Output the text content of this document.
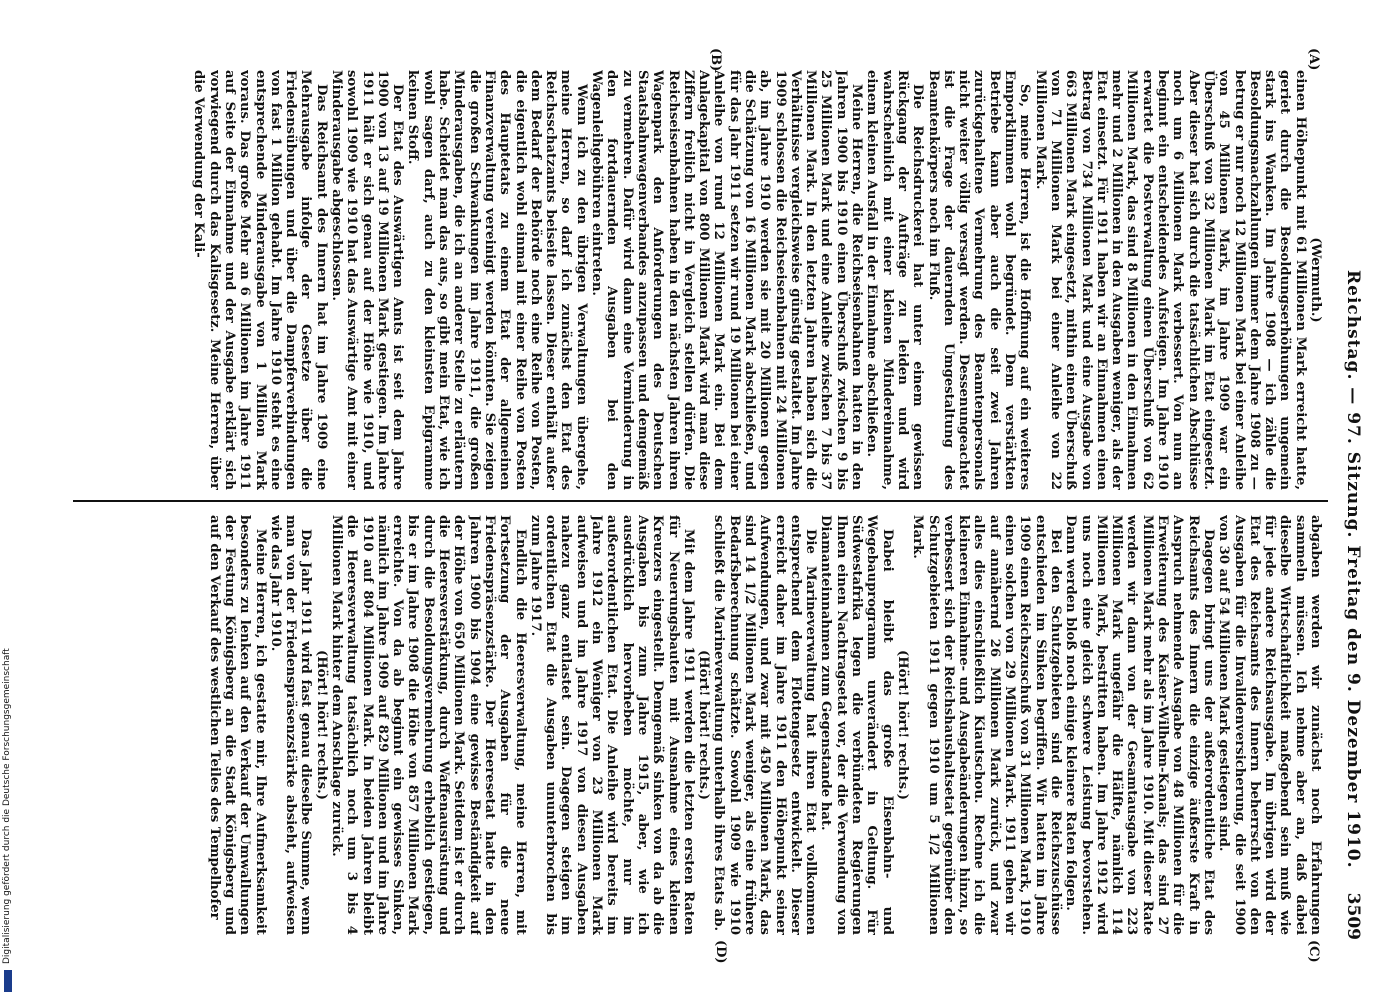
Reichstag. — 97. Sitzung. Freitag den 9. Dezember 1910.
3509
(A)
(B)
(C)
(D)

(Wermuth.)

einen Höhepunkt mit 61 Millionen Mark erreicht hatte, geriet durch die Besoldungserhöhungen ungemein stark ins Wanken. Im Jahre 1908 — ich zähle die Besoldungsnachzahlungen immer dem Jahre 1908 zu — betrug er nur noch 12 Millionen Mark bei einer Anleihe von 45 Millionen Mark, im Jahre 1909 war ein Überschuß von 32 Millionen Mark im Etat eingesetzt. Aber dieser hat sich durch die tatsächlichen Abschlüsse noch um 6 Millionen Mark verbessert. Von nun an beginnt ein entscheidendes Aufsteigen. Im Jahre 1910 erwartet die Postverwaltung einen Überschuß von 62 Millionen Mark, das sind 8 Millionen in den Einnahmen mehr und 2 Millionen in den Ausgaben weniger, als der Etat einsetzt. Für 1911 haben wir an Einnahmen einen Betrag von 734 Millionen Mark und eine Ausgabe von 663 Millionen Mark eingesetzt, mithin einen Überschuß von 71 Millionen Mark bei einer Anleihe von 22 Millionen Mark.

So, meine Herren, ist die Hoffnung auf ein weiteres Emporklimmen wohl begründet. Dem verstärkten Betriebe kann aber auch die seit zwei Jahren zurückgehaltene Vermehrung des Beamtenpersonals nicht weiter völlig versagt werden. Dessenungeachtet ist die Frage der dauernden Umgestaltung des Beamtenkörpers noch im Fluß.

Die Reichsdruckerei hat unter einem gewissen Rückgang der Aufträge zu leiden und wird wahrscheinlich mit einer kleinen Mindereinnahme, einem kleinen Ausfall in der Einnahme abschließen.

Meine Herren, die Reichseisenbahnen hatten in den Jahren 1900 bis 1910 einen Überschuß zwischen 9 bis 25 Millionen Mark und eine Anleihe zwischen 7 bis 37 Millionen Mark. In den letzten Jahren haben sich die Verhältnisse vergleichsweise günstig gestaltet. Im Jahre 1909 schlossen die Reichseisenbahnen mit 24 Millionen ab, im Jahre 1910 werden sie mit 20 Millionen gegen die Schätzung von 16 Millionen Mark abschließen, und für das Jahr 1911 setzen wir rund 19 Millionen bei einer Anleihe von rund 12 Millionen Mark ein. Bei dem Anlagekapital von 800 Millionen Mark wird man diese Ziffern freilich nicht in Vergleich stellen dürfen. Die Reichseisenbahnen haben in den nächsten Jahren ihren Wagenpark den Anforderungen des Deutschen Staatsbahnwagenverbandes anzupassen und demgemäß zu vermehren. Dafür wird dann eine Verminderung in den fortdauernden Ausgaben bei den Wagenleihgebühren eintreten.

Wenn ich zu den übrigen Verwaltungen übergehe, meine Herren, so darf ich zunächst den Etat des Reichsschatzamts beiseite lassen. Dieser enthält außer dem Bedarf der Behörde noch eine Reihe von Posten, die eigentlich wohl einmal mit einer Reihe von Posten des Hauptetats zu einem Etat der allgemeinen Finanzverwaltung vereinigt werden könnten. Sie zeigen die großen Schwankungen im Jahre 1911, die großen Minderausgaben, die ich an anderer Stelle zu erläutern habe. Scheidet man das aus, so gibt mein Etat, wie ich wohl sagen darf, auch zu den kleinsten Epigramme keinen Stoff.

Der Etat des Auswärtigen Amts ist seit dem Jahre 1900 von 13 auf 19 Millionen Mark gestiegen. Im Jahre 1911 hält er sich genau auf der Höhe wie 1910, und sowohl 1909 wie 1910 hat das Auswärtige Amt mit einer Minderausgabe abgeschlossen.

Das Reichsamt des Innern hat im Jahre 1909 eine Mehrausgabe infolge der Gesetze über die Friedensübungen und über die Dampferverbindungen von fast 1 Million gehabt. Im Jahre 1910 steht es eine entsprechende Minderausgabe von 1 Million Mark voraus. Das große Mehr an 6 Millionen im Jahre 1911 auf Seite der Einnahme und der Ausgabe erklärt sich vorwiegend durch das Kalisgesetz. Meine Herren, über die Verwendung der Kali-

abgaben werden wir zunächst noch Erfahrungen sammeln müssen. Ich nehme aber an, daß dabei dieselbe Wirtschaftlichkeit maßgebend sein muß wie für jede andere Reichsausgabe. Im übrigen wird der Etat des Reichsamts des Innern beherrscht von den Ausgaben für die Invalidenversicherung, die seit 1900 von 30 auf 54 Millionen Mark gestiegen sind.

Dagegen bringt uns der außerordentliche Etat des Reichsamts des Innern die einzige äußerste Kraft in Anspruch nehmende Ausgabe von 48 Millionen für die Erweiterung des Kaiser-Wilhelm-Kanals; das sind 27 Millionen Mark mehr als im Jahre 1910. Mit dieser Rate werden wir dann von der Gesamtausgabe von 223 Millionen Mark ungefähr die Hälfte, nämlich 114 Millionen Mark, bestritten haben. Im Jahre 1912 wird uns noch eine gleich schwere Leistung bevorstehen. Dann werden bloß noch einige kleinere Raten folgen.

Bei den Schutzgebieten sind die Reichszuschüsse entschieden im Sinken begriffen. Wir hatten im Jahre 1909 einen Reichszuschuß von 31 Millionen Mark, 1910 einen solchen von 29 Millionen Mark. 1911 gehen wir auf annähernd 26 Millionen Mark zurück, und zwar alles dies einschließlich Kiautschou. Rechne ich die kleineren Einnahme- und Ausgabeänderungen hinzu, so verbessert sich der Reichshaushaltsetat gegenüber den Schutzgebieten 1911 gegen 1910 um 5 1/2 Millionen Mark.

(Hört! hört! rechts.)

Dabei bleibt das große Eisenbahn- und Wegebauprogramm unverändert in Geltung. Für Südwestafrika legen die verbündeten Regierungen Ihnen einen Nachtragsetat vor, der die Verwendung von Diamanteinnahmen zum Gegenstande hat.

Die Marineverwaltung hat ihren Etat vollkommen entsprechend dem Flottengesetz entwickelt. Dieser erreicht daher im Jahre 1911 den Höhepunkt seiner Aufwendungen, und zwar mit 450 Millionen Mark, das sind 14 1/2 Millionen Mark weniger, als eine frühere Bedarfsberechnung schätzte. Sowohl 1909 wie 1910 schließt die Marineverwaltung unterhalb ihres Etats ab.

(Hört! hört! rechts.)

Mit dem Jahre 1911 werden die letzten ersten Raten für Neuerungsbauten mit Ausnahme eines kleinen Kreuzers eingestellt. Demgemäß sinken von da ab die Ausgaben bis zum Jahre 1915, aber, wie ich ausdrücklich hervorheben möchte, nur im außerordentlichen Etat. Die Anleihe wird bereits im Jahre 1912 ein Weniger von 23 Millionen Mark aufweisen und im Jahre 1917 von diesen Ausgaben nahezu ganz entlastet sein. Dagegen steigen im ordentlichen Etat die Ausgaben ununterbrochen bis zum Jahre 1917.

Endlich die Heeresverwaltung, meine Herren, mit Fortsetzung der Ausgaben für die neue Friedenspräsenzstärke. Der Heeresetat hatte in den Jahren 1900 bis 1904 eine gewisse Beständigkeit auf der Höhe von 650 Millionen Mark. Seitdem ist er durch die Heeresverstärkung, durch Waffenausrüstung und durch die Besoldungsvermehrung erheblich gestiegen, bis er im Jahre 1908 die Höhe von 857 Millionen Mark erreichte. Von da ab beginnt ein gewisses Sinken, nämlich im Jahre 1909 auf 829 Millionen und im Jahre 1910 auf 804 Millionen Mark. In beiden Jahren bleibt die Heeresverwaltung tatsächlich noch um 3 bis 4 Millionen Mark hinter dem Anschlage zurück.

(Hört! hört! rechts.)

Das Jahr 1911 wird fast genau dieselbe Summe, wenn man von der Friedenspräsenzstärke absieht, aufweisen wie das Jahr 1910.

Meine Herren, ich gestatte mir, Ihre Aufmerksamkeit besonders zu lenken auf den Verkauf der Umwallungen der Festung Königsberg an die Stadt Königsberg und auf den Verkauf des westlichen Teiles des Tempelhofer

Digitalisierung gefördert durch die Deutsche Forschungsgemeinschaft
